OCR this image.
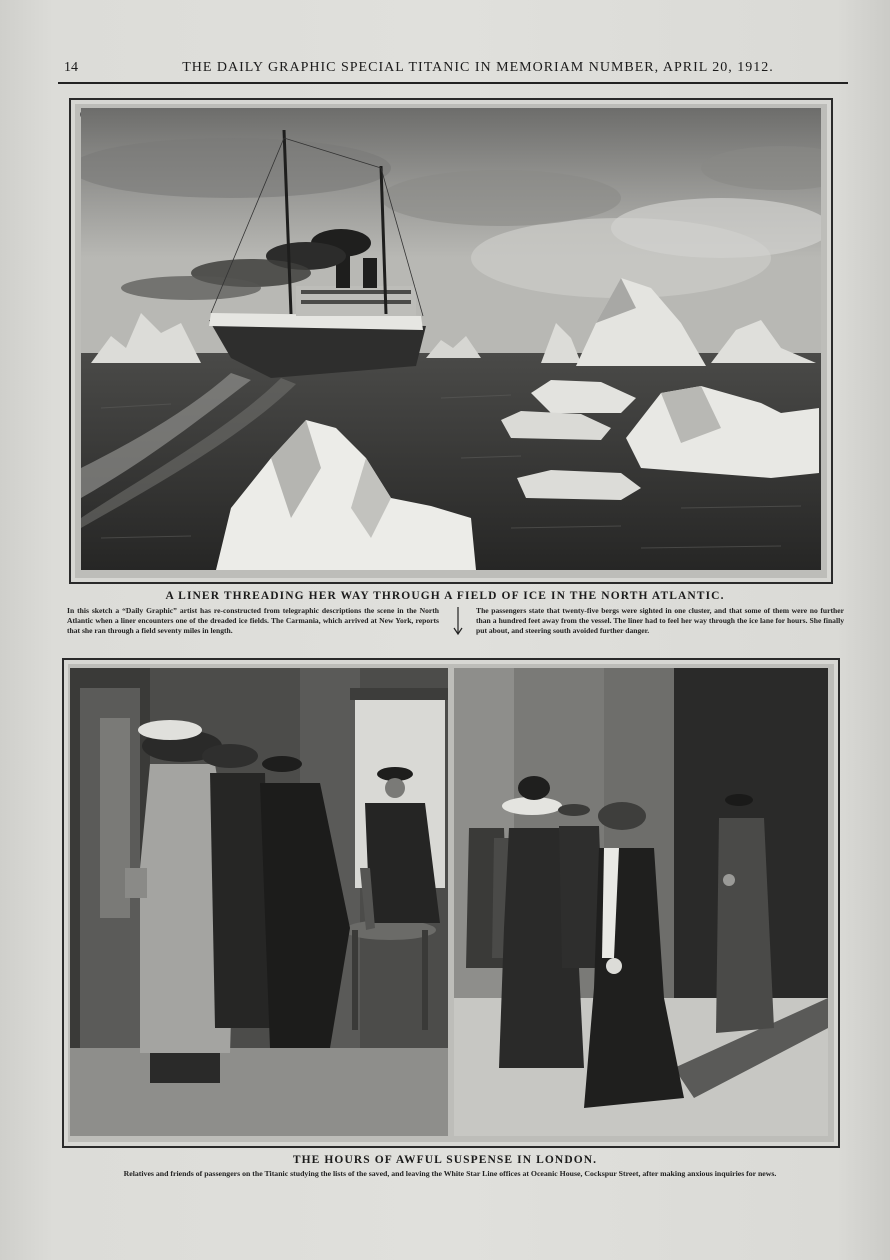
14	THE DAILY GRAPHIC SPECIAL TITANIC IN MEMORIAM NUMBER, APRIL 20, 1912.
A LINER THREADING HER WAY THROUGH A FIELD OF ICE IN THE NORTH ATLANTIC.
In this sketch a “Daily Graphic” artist has re-constructed from telegraphic descriptions the scene in the North Atlantic when a liner encounters one of the dreaded ice fields. The Carmania, which arrived at New York, reports that she ran through a field seventy miles in length.
The passengers state that twenty-five bergs were sighted in one cluster, and that some of them were no further than a hundred feet away from the vessel. The liner had to feel her way through the ice lane for hours. She finally put about, and steering south avoided further danger.
THE HOURS OF AWFUL SUSPENSE IN LONDON.
Relatives and friends of passengers on the Titanic studying the lists of the saved, and leaving the White Star Line offices at Oceanic House, Cockspur Street, after making anxious inquiries for news.
